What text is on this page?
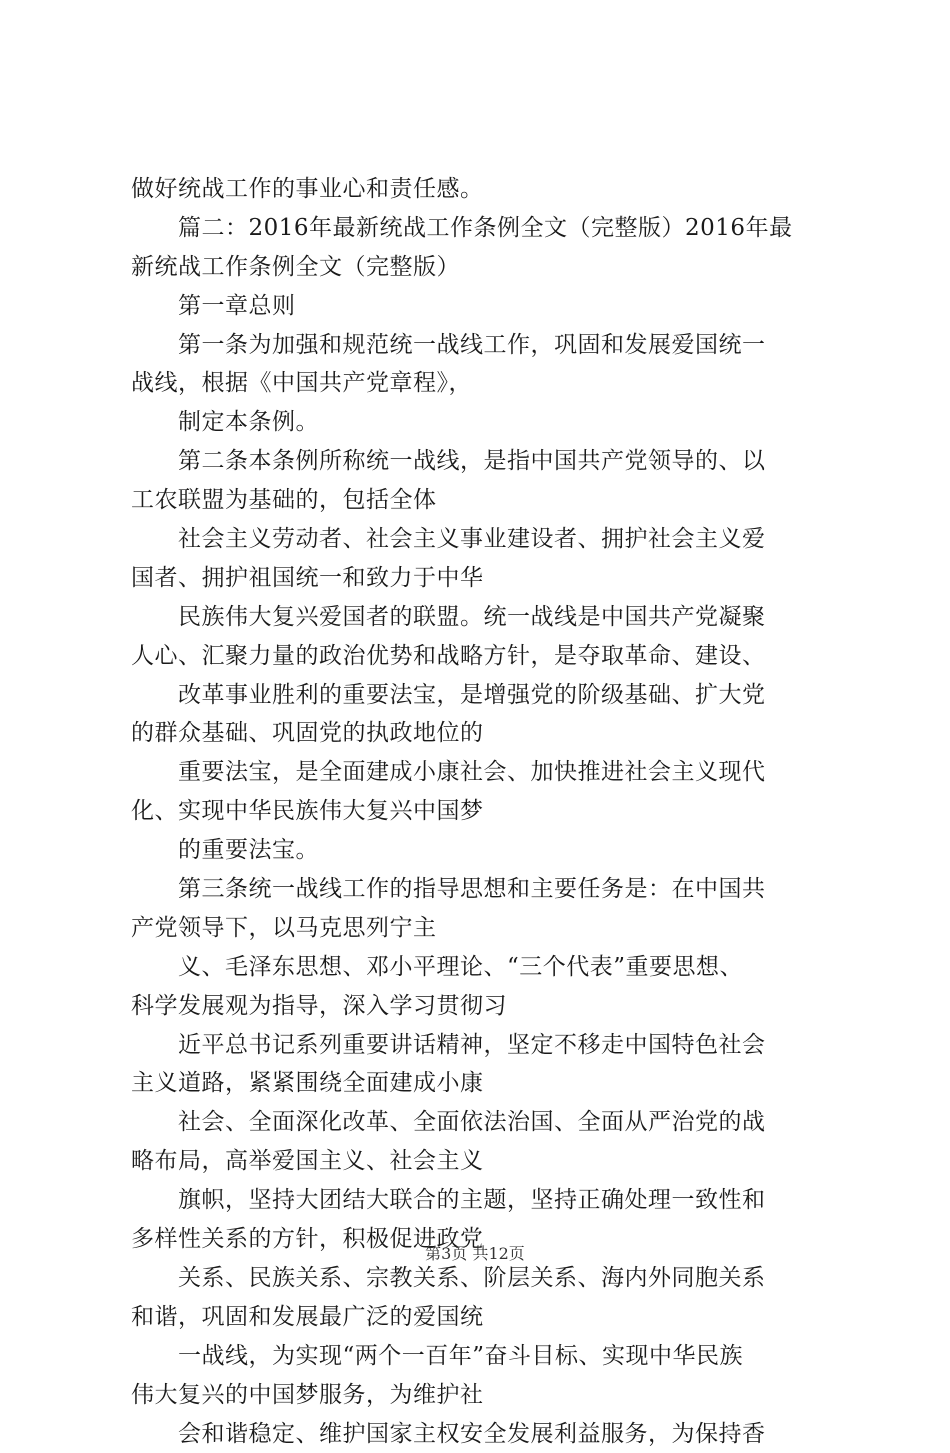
做好统战工作的事业心和责任感。
篇二：2016年最新统战工作条例全文（完整版）2016年最
新统战工作条例全文（完整版）
第一章总则
第一条为加强和规范统一战线工作，巩固和发展爱国统一
战线，根据《中国共产党章程》，
制定本条例。
第二条本条例所称统一战线，是指中国共产党领导的、以
工农联盟为基础的，包括全体
社会主义劳动者、社会主义事业建设者、拥护社会主义爱
国者、拥护祖国统一和致力于中华
民族伟大复兴爱国者的联盟。统一战线是中国共产党凝聚
人心、汇聚力量的政治优势和战略方针，是夺取革命、建设、
改革事业胜利的重要法宝，是增强党的阶级基础、扩大党
的群众基础、巩固党的执政地位的
重要法宝，是全面建成小康社会、加快推进社会主义现代
化、实现中华民族伟大复兴中国梦
的重要法宝。
第三条统一战线工作的指导思想和主要任务是：在中国共
产党领导下，以马克思列宁主
义、毛泽东思想、邓小平理论、“三个代表”重要思想、
科学发展观为指导，深入学习贯彻习
近平总书记系列重要讲话精神，坚定不移走中国特色社会
主义道路，紧紧围绕全面建成小康
社会、全面深化改革、全面依法治国、全面从严治党的战
略布局，高举爱国主义、社会主义
旗帜，坚持大团结大联合的主题，坚持正确处理一致性和
多样性关系的方针，积极促进政党
关系、民族关系、宗教关系、阶层关系、海内外同胞关系
和谐，巩固和发展最广泛的爱国统
一战线，为实现“两个一百年”奋斗目标、实现中华民族
伟大复兴的中国梦服务，为维护社
会和谐稳定、维护国家主权安全发展利益服务，为保持香
第3页 共12页
